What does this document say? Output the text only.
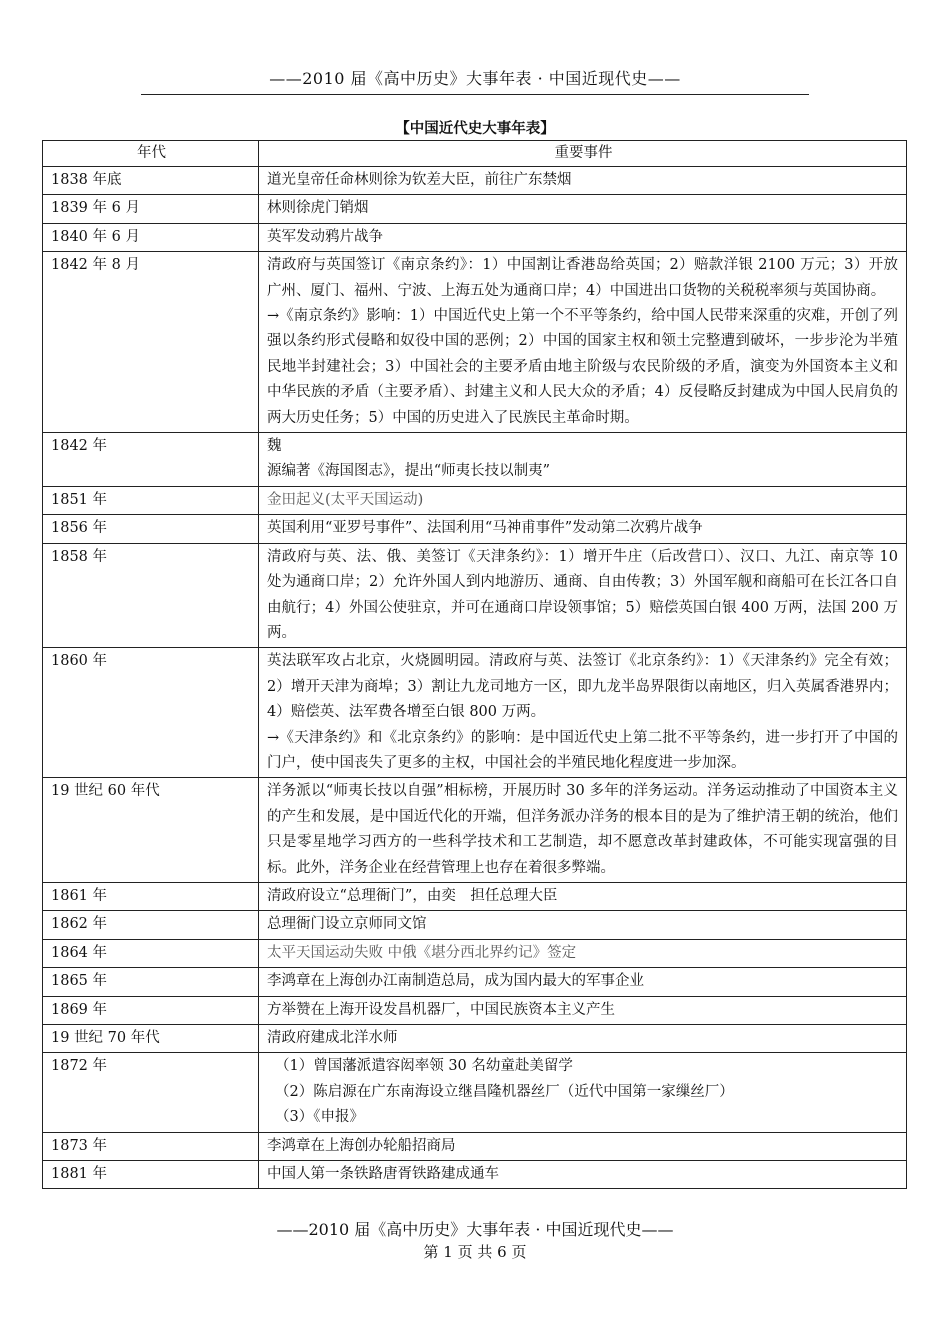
——2010 届《高中历史》大事年表 · 中国近现代史——
【中国近代史大事年表】
年代	重要事件
1838 年底	道光皇帝任命林则徐为钦差大臣，前往广东禁烟

1839 年 6 月	林则徐虎门销烟

1840 年 6 月	英军发动鸦片战争

1842 年 8 月	清政府与英国签订《南京条约》：1）中国割让香港岛给英国；2）赔款洋银 2100 万元；3）开放广州、厦门、福州、宁波、上海五处为通商口岸；4）中国进出口货物的关税税率须与英国协商。
→《南京条约》影响：1）中国近代史上第一个不平等条约，给中国人民带来深重的灾难，开创了列强以条约形式侵略和奴役中国的恶例；2）中国的国家主权和领土完整遭到破坏，一步步沦为半殖民地半封建社会；3）中国社会的主要矛盾由地主阶级与农民阶级的矛盾，演变为外国资本主义和中华民族的矛盾（主要矛盾）、封建主义和人民大众的矛盾；4）反侵略反封建成为中国人民肩负的两大历史任务；5）中国的历史进入了民族民主革命时期。

1842 年	魏
源编著《海国图志》，提出“师夷长技以制夷”

1851 年	金田起义(太平天国运动)

1856 年	英国利用“亚罗号事件”、法国利用“马神甫事件”发动第二次鸦片战争

1858 年	清政府与英、法、俄、美签订《天津条约》：1）增开牛庄（后改营口）、汉口、九江、南京等 10 处为通商口岸；2）允许外国人到内地游历、通商、自由传教；3）外国军舰和商船可在长江各口自由航行；4）外国公使驻京，并可在通商口岸设领事馆；5）赔偿英国白银 400 万两，法国 200 万两。

1860 年	英法联军攻占北京，火烧圆明园。清政府与英、法签订《北京条约》：1）《天津条约》完全有效；2）增开天津为商埠；3）割让九龙司地方一区，即九龙半岛界限街以南地区，归入英属香港界内；4）赔偿英、法军费各增至白银 800 万两。
→《天津条约》和《北京条约》的影响：是中国近代史上第二批不平等条约，进一步打开了中国的门户，使中国丧失了更多的主权，中国社会的半殖民地化程度进一步加深。

19 世纪 60 年代	洋务派以“师夷长技以自强”相标榜，开展历时 30 多年的洋务运动。洋务运动推动了中国资本主义的产生和发展，是中国近代化的开端，但洋务派办洋务的根本目的是为了维护清王朝的统治，他们只是零星地学习西方的一些科学技术和工艺制造，却不愿意改革封建政体，不可能实现富强的目标。此外，洋务企业在经营管理上也存在着很多弊端。

1861 年	清政府设立“总理衙门”，由奕　担任总理大臣

1862 年	总理衙门设立京师同文馆

1864 年	太平天国运动失败 中俄《堪分西北界约记》签定

1865 年	李鸿章在上海创办江南制造总局，成为国内最大的军事企业

1869 年	方举赞在上海开设发昌机器厂，中国民族资本主义产生

19 世纪 70 年代	清政府建成北洋水师

1872 年	（1）曾国藩派遣容闳率领 30 名幼童赴美留学
（2）陈启源在广东南海设立继昌隆机器丝厂（近代中国第一家缫丝厂）
（3）《申报》

1873 年	李鸿章在上海创办轮船招商局

1881 年	中国人第一条铁路唐胥铁路建成通车
——2010 届《高中历史》大事年表 · 中国近现代史——
第 1 页 共 6 页
